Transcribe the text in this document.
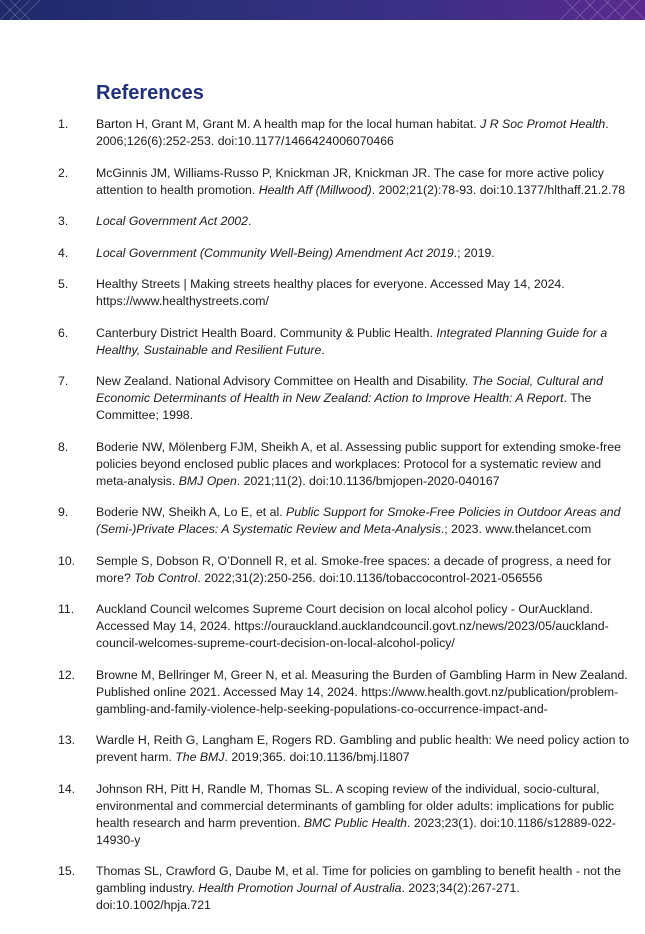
References
1. Barton H, Grant M, Grant M. A health map for the local human habitat. J R Soc Promot Health. 2006;126(6):252-253. doi:10.1177/1466424006070466
2. McGinnis JM, Williams-Russo P, Knickman JR, Knickman JR. The case for more active policy attention to health promotion. Health Aff (Millwood). 2002;21(2):78-93. doi:10.1377/hlthaff.21.2.78
3. Local Government Act 2002.
4. Local Government (Community Well-Being) Amendment Act 2019.; 2019.
5. Healthy Streets | Making streets healthy places for everyone. Accessed May 14, 2024. https://www.healthystreets.com/
6. Canterbury District Health Board. Community & Public Health. Integrated Planning Guide for a Healthy, Sustainable and Resilient Future.
7. New Zealand. National Advisory Committee on Health and Disability. The Social, Cultural and Economic Determinants of Health in New Zealand: Action to Improve Health: A Report. The Committee; 1998.
8. Boderie NW, Mölenberg FJM, Sheikh A, et al. Assessing public support for extending smoke-free policies beyond enclosed public places and workplaces: Protocol for a systematic review and meta-analysis. BMJ Open. 2021;11(2). doi:10.1136/bmjopen-2020-040167
9. Boderie NW, Sheikh A, Lo E, et al. Public Support for Smoke-Free Policies in Outdoor Areas and (Semi-)Private Places: A Systematic Review and Meta-Analysis.; 2023. www.thelancet.com
10. Semple S, Dobson R, O’Donnell R, et al. Smoke-free spaces: a decade of progress, a need for more? Tob Control. 2022;31(2):250-256. doi:10.1136/tobaccocontrol-2021-056556
11. Auckland Council welcomes Supreme Court decision on local alcohol policy - OurAuckland. Accessed May 14, 2024. https://ourauckland.aucklandcouncil.govt.nz/news/2023/05/auckland-council-welcomes-supreme-court-decision-on-local-alcohol-policy/
12. Browne M, Bellringer M, Greer N, et al. Measuring the Burden of Gambling Harm in New Zealand. Published online 2021. Accessed May 14, 2024. https://www.health.govt.nz/publication/problem-gambling-and-family-violence-help-seeking-populations-co-occurrence-impact-and-
13. Wardle H, Reith G, Langham E, Rogers RD. Gambling and public health: We need policy action to prevent harm. The BMJ. 2019;365. doi:10.1136/bmj.l1807
14. Johnson RH, Pitt H, Randle M, Thomas SL. A scoping review of the individual, socio-cultural, environmental and commercial determinants of gambling for older adults: implications for public health research and harm prevention. BMC Public Health. 2023;23(1). doi:10.1186/s12889-022-14930-y
15. Thomas SL, Crawford G, Daube M, et al. Time for policies on gambling to benefit health - not the gambling industry. Health Promotion Journal of Australia. 2023;34(2):267-271. doi:10.1002/hpja.721
